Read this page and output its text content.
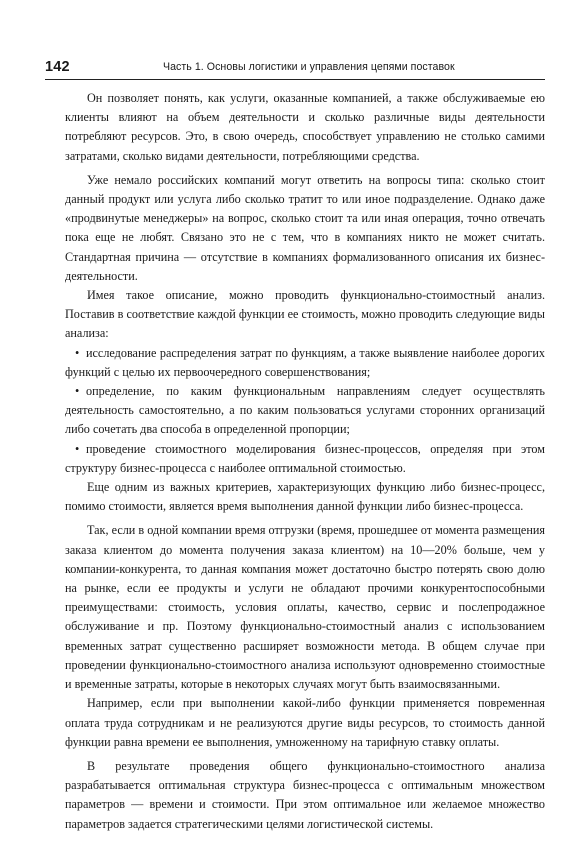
142	Часть 1. Основы логистики и управления цепями поставок

Он позволяет понять, как услуги, оказанные компанией, а также обслуживаемые ею клиенты влияют на объем деятельности и сколько различные виды деятельности потребляют ресурсов. Это, в свою очередь, способствует управлению не столько самими затратами, сколько видами деятельности, потребляющими средства.

Уже немало российских компаний могут ответить на вопросы типа: сколько стоит данный продукт или услуга либо сколько тратит то или иное подразделение. Однако даже «продвинутые менеджеры» на вопрос, сколько стоит та или иная операция, точно отвечать пока еще не любят. Связано это не с тем, что в компаниях никто не может считать. Стандартная причина — отсутствие в компаниях формализованного описания их бизнес-деятельности.

Имея такое описание, можно проводить функционально-стоимостный анализ. Поставив в соответствие каждой функции ее стоимость, можно проводить следующие виды анализа:

• исследование распределения затрат по функциям, а также выявление наиболее дорогих функций с целью их первоочередного совершенствования;

• определение, по каким функциональным направлениям следует осуществлять деятельность самостоятельно, а по каким пользоваться услугами сторонних организаций либо сочетать два способа в определенной пропорции;

• проведение стоимостного моделирования бизнес-процессов, определяя при этом структуру бизнес-процесса с наиболее оптимальной стоимостью.

Еще одним из важных критериев, характеризующих функцию либо бизнес-процесс, помимо стоимости, является время выполнения данной функции либо бизнес-процесса.

Так, если в одной компании время отгрузки (время, прошедшее от момента размещения заказа клиентом до момента получения заказа клиентом) на 10—20% больше, чем у компании-конкурента, то данная компания может достаточно быстро потерять свою долю на рынке, если ее продукты и услуги не обладают прочими конкурентоспособными преимуществами: стоимость, условия оплаты, качество, сервис и послепродажное обслуживание и пр. Поэтому функционально-стоимостный анализ с использованием временных затрат существенно расширяет возможности метода. В общем случае при проведении функционально-стоимостного анализа используют одновременно стоимостные и временные затраты, которые в некоторых случаях могут быть взаимосвязанными.

Например, если при выполнении какой-либо функции применяется повременная оплата труда сотрудникам и не реализуются другие виды ресурсов, то стоимость данной функции равна времени ее выполнения, умноженному на тарифную ставку оплаты.

В результате проведения общего функционально-стоимостного анализа разрабатывается оптимальная структура бизнес-процесса с оптимальным множеством параметров — времени и стоимости. При этом оптимальное или желаемое множество параметров задается стратегическими целями логистической системы.
